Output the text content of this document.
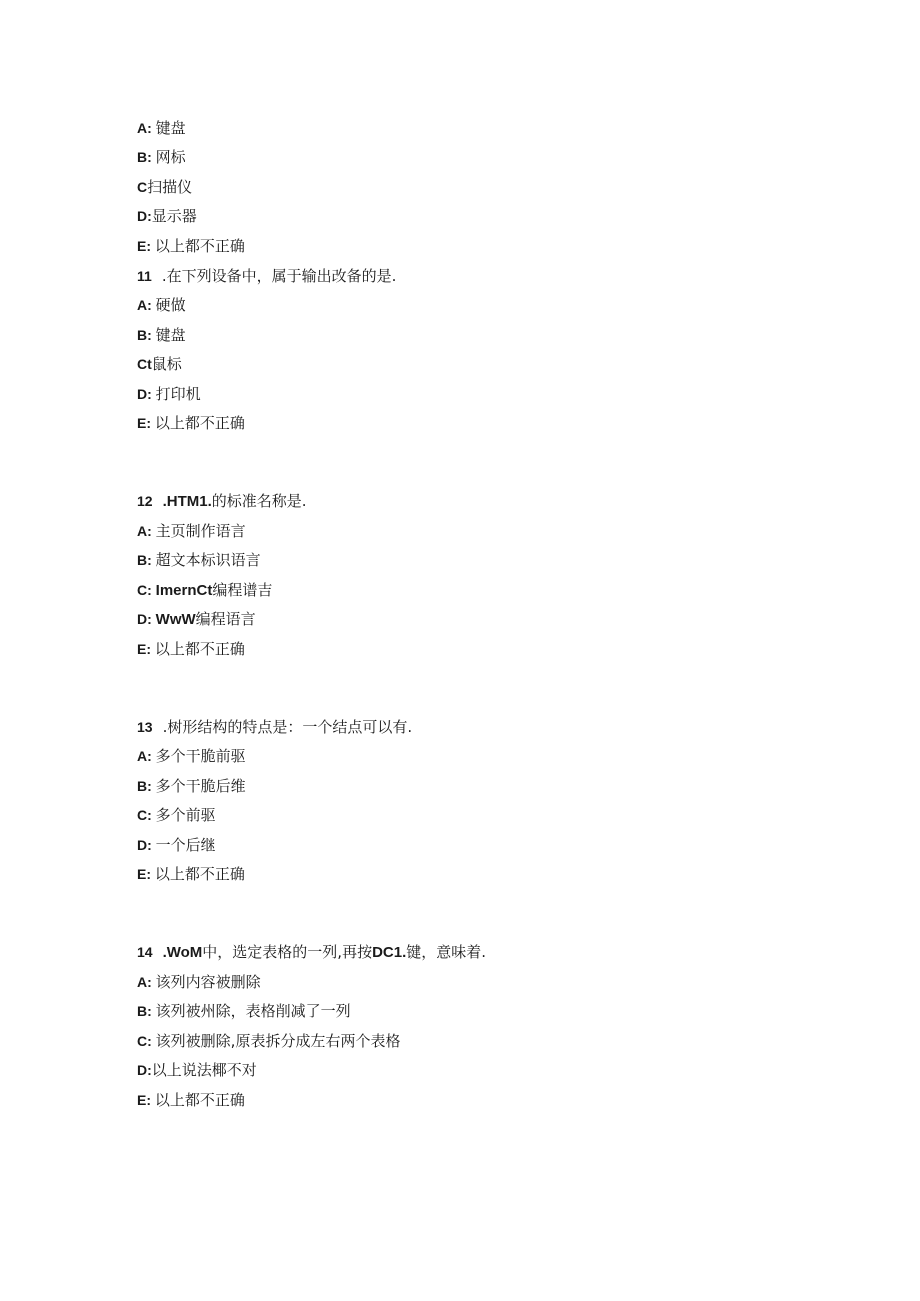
A: 键盘
B: 网标
C扫描仪
D:显示器
E: 以上都不正确
11 .在下列设备中，属于输出改备的是.
A: 硬做
B: 键盘
Ct鼠标
D: 打印机
E: 以上都不正确
12 .HTM1.的标准名称是.
A: 主页制作语言
B: 超文本标识语言
C: ImernCt编程谱吉
D: WwW编程语言
E: 以上都不正确
13 .树形结构的特点是：一个结点可以有.
A: 多个干脆前驱
B: 多个干脆后维
C: 多个前驱
D: 一个后继
E: 以上都不正确
14 .WoM中，选定表格的一列,再按DC1.键，意味着.
A: 该列内容被删除
B: 该列被州除，表格削减了一列
C: 该列被删除,原表拆分成左右两个表格
D:以上说法椰不对
E: 以上都不正确
